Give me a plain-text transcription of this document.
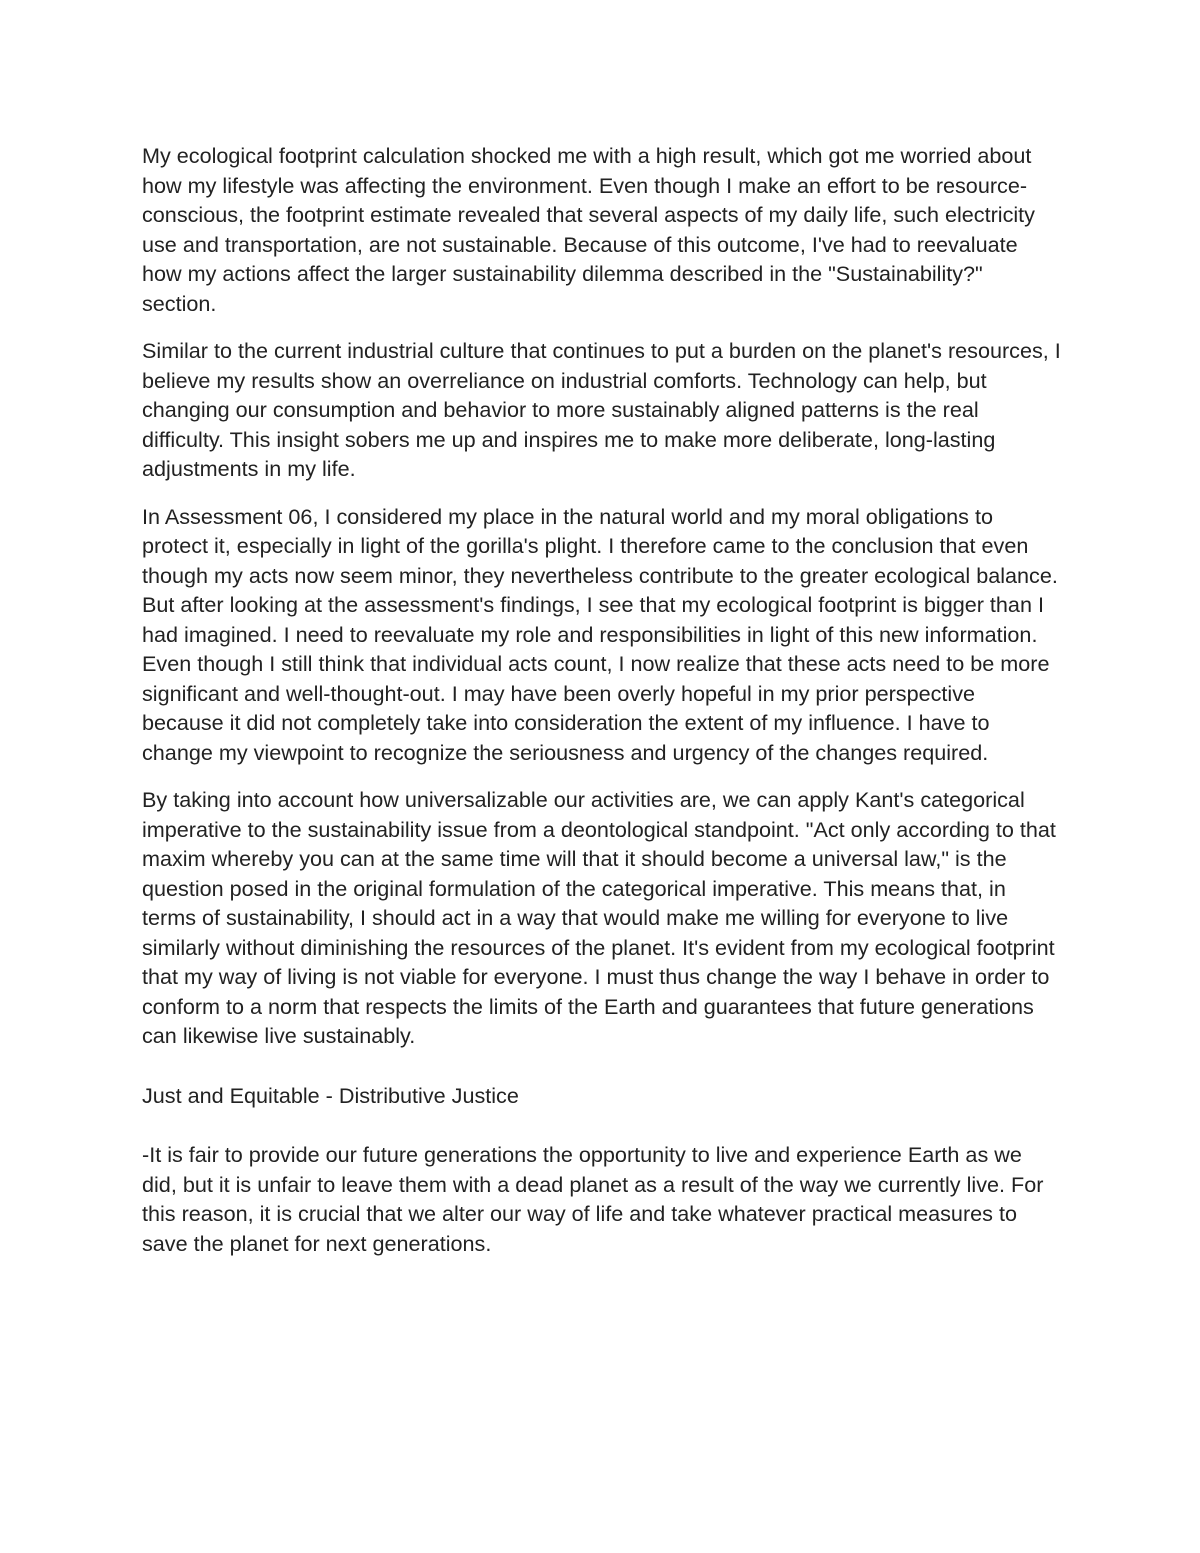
My ecological footprint calculation shocked me with a high result, which got me worried about how my lifestyle was affecting the environment. Even though I make an effort to be resource-conscious, the footprint estimate revealed that several aspects of my daily life, such electricity use and transportation, are not sustainable. Because of this outcome, I've had to reevaluate how my actions affect the larger sustainability dilemma described in the "Sustainability?" section.

Similar to the current industrial culture that continues to put a burden on the planet's resources, I believe my results show an overreliance on industrial comforts. Technology can help, but changing our consumption and behavior to more sustainably aligned patterns is the real difficulty. This insight sobers me up and inspires me to make more deliberate, long-lasting adjustments in my life.

In Assessment 06, I considered my place in the natural world and my moral obligations to protect it, especially in light of the gorilla's plight. I therefore came to the conclusion that even though my acts now seem minor, they nevertheless contribute to the greater ecological balance. But after looking at the assessment's findings, I see that my ecological footprint is bigger than I had imagined. I need to reevaluate my role and responsibilities in light of this new information. Even though I still think that individual acts count, I now realize that these acts need to be more significant and well-thought-out. I may have been overly hopeful in my prior perspective because it did not completely take into consideration the extent of my influence. I have to change my viewpoint to recognize the seriousness and urgency of the changes required.

By taking into account how universalizable our activities are, we can apply Kant's categorical imperative to the sustainability issue from a deontological standpoint. "Act only according to that maxim whereby you can at the same time will that it should become a universal law," is the question posed in the original formulation of the categorical imperative. This means that, in terms of sustainability, I should act in a way that would make me willing for everyone to live similarly without diminishing the resources of the planet. It's evident from my ecological footprint that my way of living is not viable for everyone. I must thus change the way I behave in order to conform to a norm that respects the limits of the Earth and guarantees that future generations can likewise live sustainably.

Just and Equitable - Distributive Justice

-It is fair to provide our future generations the opportunity to live and experience Earth as we did, but it is unfair to leave them with a dead planet as a result of the way we currently live. For this reason, it is crucial that we alter our way of life and take whatever practical measures to save the planet for next generations.
